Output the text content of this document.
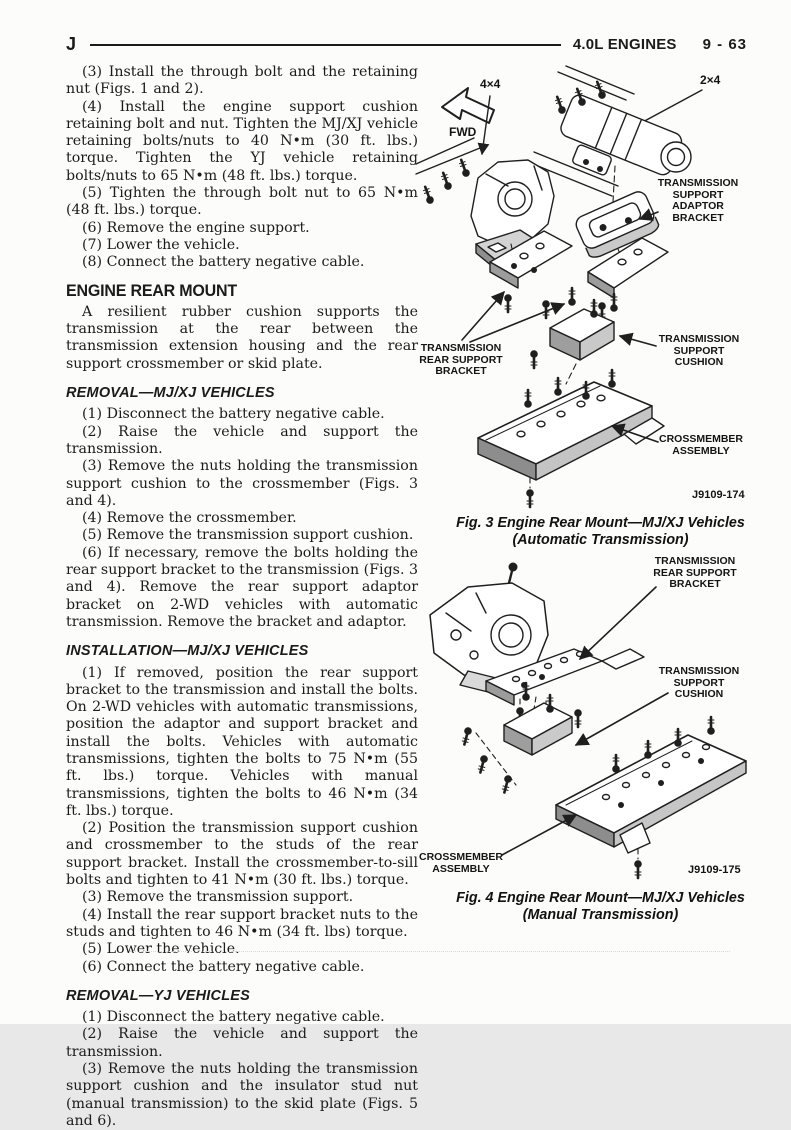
J	4.0L ENGINES 9 - 63

(3) Install the through bolt and the retaining nut (Figs. 1 and 2).

(4) Install the engine support cushion retaining bolt and nut. Tighten the MJ/XJ vehicle retaining bolts/nuts to 40 N•m (30 ft. lbs.) torque. Tighten the YJ vehicle retaining bolts/nuts to 65 N•m (48 ft. lbs.) torque.

(5) Tighten the through bolt nut to 65 N•m (48 ft. lbs.) torque.

(6) Remove the engine support.

(7) Lower the vehicle.

(8) Connect the battery negative cable.

ENGINE REAR MOUNT

A resilient rubber cushion supports the transmission at the rear between the transmission extension housing and the rear support crossmember or skid plate.

REMOVAL—MJ/XJ VEHICLES

(1) Disconnect the battery negative cable.

(2) Raise the vehicle and support the transmission.

(3) Remove the nuts holding the transmission support cushion to the crossmember (Figs. 3 and 4).

(4) Remove the crossmember.

(5) Remove the transmission support cushion.

(6) If necessary, remove the bolts holding the rear support bracket to the transmission (Figs. 3 and 4). Remove the rear support adaptor bracket on 2-WD vehicles with automatic transmission. Remove the bracket and adaptor.

INSTALLATION—MJ/XJ VEHICLES

(1) If removed, position the rear support bracket to the transmission and install the bolts. On 2-WD vehicles with automatic transmissions, position the adaptor and support bracket and install the bolts. Vehicles with automatic transmissions, tighten the bolts to 75 N•m (55 ft. lbs.) torque. Vehicles with manual transmissions, tighten the bolts to 46 N•m (34 ft. lbs.) torque.

(2) Position the transmission support cushion and crossmember to the studs of the rear support bracket. Install the crossmember-to-sill bolts and tighten to 41 N•m (30 ft. lbs.) torque.

(3) Remove the transmission support.

(4) Install the rear support bracket nuts to the studs and tighten to 46 N•m (34 ft. lbs) torque.

(5) Lower the vehicle.

(6) Connect the battery negative cable.

REMOVAL—YJ VEHICLES

(1) Disconnect the battery negative cable.

(2) Raise the vehicle and support the transmission.

(3) Remove the nuts holding the transmission support cushion and the insulator stud nut (manual transmission) to the skid plate (Figs. 5 and 6).

FWD
4×4	2×4
TRANSMISSION SUPPORT ADAPTOR BRACKET
TRANSMISSION REAR SUPPORT BRACKET
TRANSMISSION SUPPORT CUSHION
CROSSMEMBER ASSEMBLY
J9109-174
Fig. 3 Engine Rear Mount—MJ/XJ Vehicles
(Automatic Transmission)
TRANSMISSION REAR SUPPORT BRACKET
TRANSMISSION SUPPORT CUSHION
CROSSMEMBER ASSEMBLY	J9109-175
Fig. 4 Engine Rear Mount—MJ/XJ Vehicles
(Manual Transmission)
